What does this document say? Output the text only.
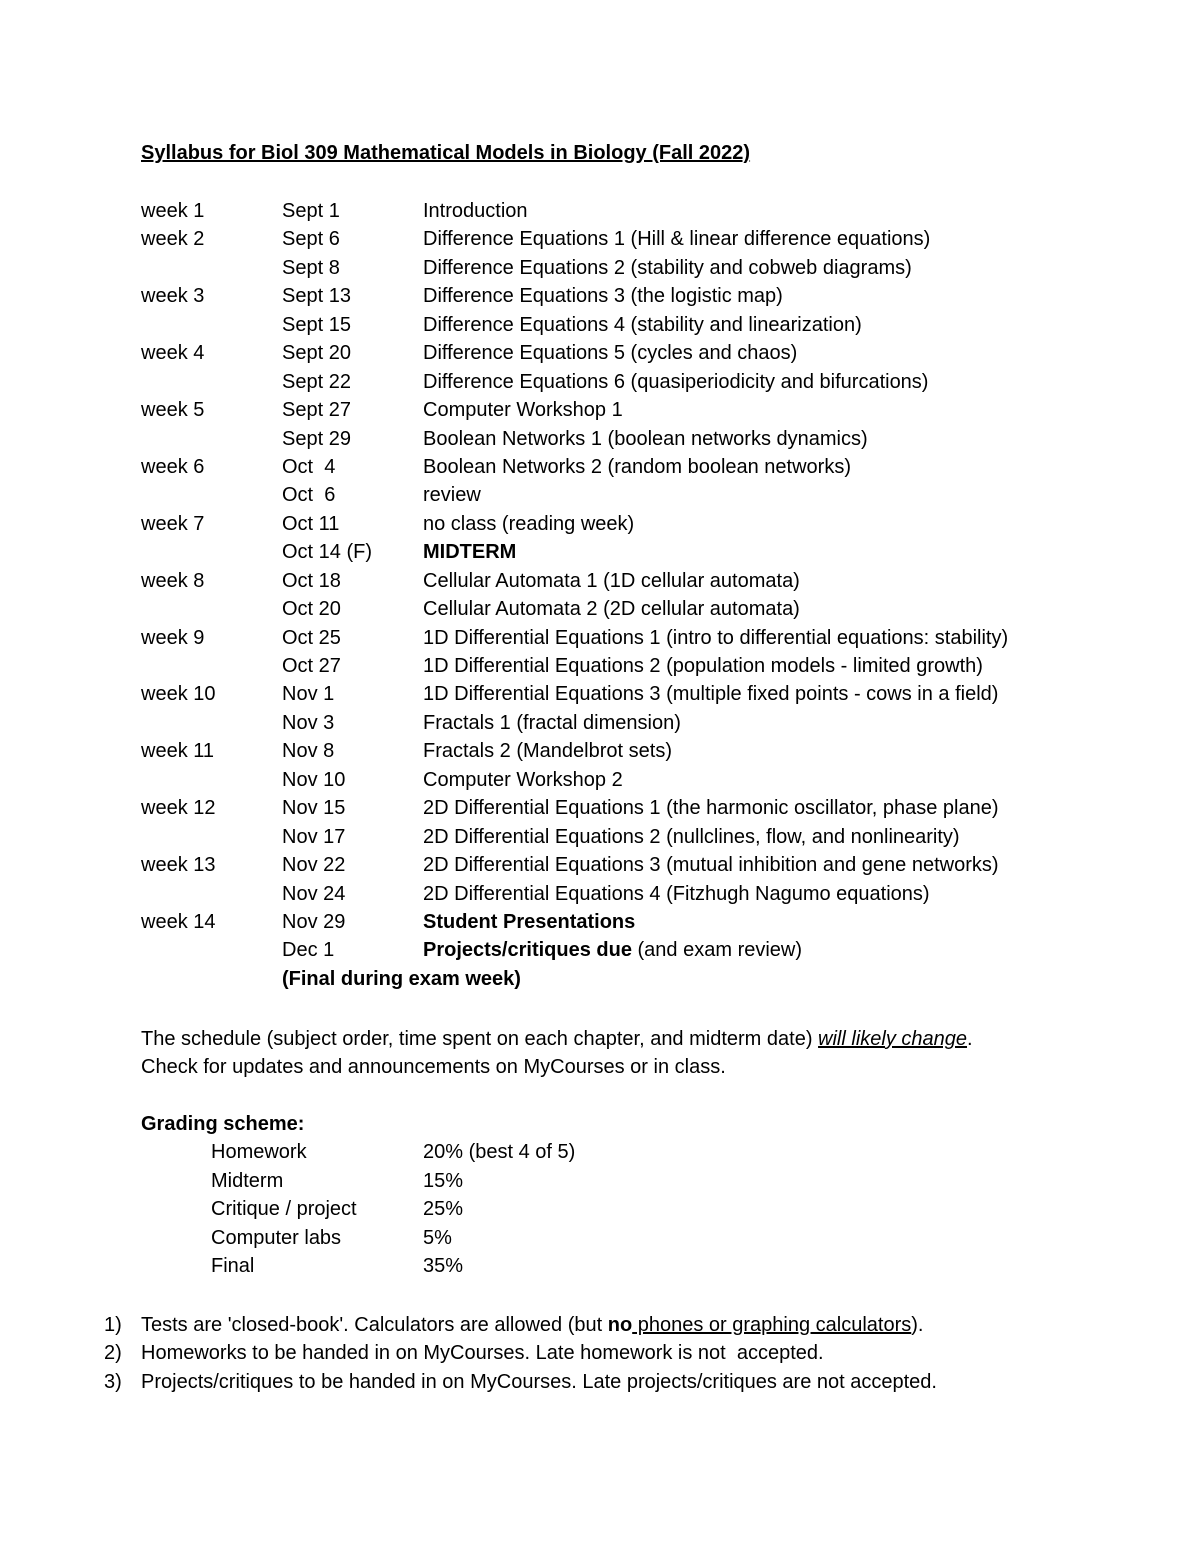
Syllabus for Biol 309 Mathematical Models in Biology (Fall 2022)
week 1	Sept 1	Introduction
week 2	Sept 6	Difference Equations 1 (Hill & linear difference equations)
Sept 8	Difference Equations 2 (stability and cobweb diagrams)
week 3	Sept 13	Difference Equations 3 (the logistic map)
Sept 15	Difference Equations 4 (stability and linearization)
week 4	Sept 20	Difference Equations 5 (cycles and chaos)
Sept 22	Difference Equations 6 (quasiperiodicity and bifurcations)
week 5	Sept 27	Computer Workshop 1
Sept 29	Boolean Networks 1 (boolean networks dynamics)
week 6	Oct  4	Boolean Networks 2 (random boolean networks)
Oct  6	review
week 7	Oct 11	no class (reading week)
Oct 14 (F)	MIDTERM
week 8	Oct 18	Cellular Automata 1 (1D cellular automata)
Oct 20	Cellular Automata 2 (2D cellular automata)
week 9	Oct 25	1D Differential Equations 1 (intro to differential equations: stability)
Oct 27	1D Differential Equations 2 (population models - limited growth)
week 10	Nov 1	1D Differential Equations 3 (multiple fixed points - cows in a field)
Nov 3	Fractals 1 (fractal dimension)
week 11	Nov 8	Fractals 2 (Mandelbrot sets)
Nov 10	Computer Workshop 2
week 12	Nov 15	2D Differential Equations 1 (the harmonic oscillator, phase plane)
Nov 17	2D Differential Equations 2 (nullclines, flow, and nonlinearity)
week 13	Nov 22	2D Differential Equations 3 (mutual inhibition and gene networks)
Nov 24	2D Differential Equations 4 (Fitzhugh Nagumo equations)
week 14	Nov 29	Student Presentations
Dec 1	Projects/critiques due (and exam review)
(Final during exam week)
The schedule (subject order, time spent on each chapter, and midterm date) will likely change.
Check for updates and announcements on MyCourses or in class.
Grading scheme:
Homework	20% (best 4 of 5)
Midterm	15%
Critique / project	25%
Computer labs	5%
Final	35%
1) Tests are 'closed-book'. Calculators are allowed (but no phones or graphing calculators).
2) Homeworks to be handed in on MyCourses. Late homework is not  accepted.
3) Projects/critiques to be handed in on MyCourses. Late projects/critiques are not accepted.
